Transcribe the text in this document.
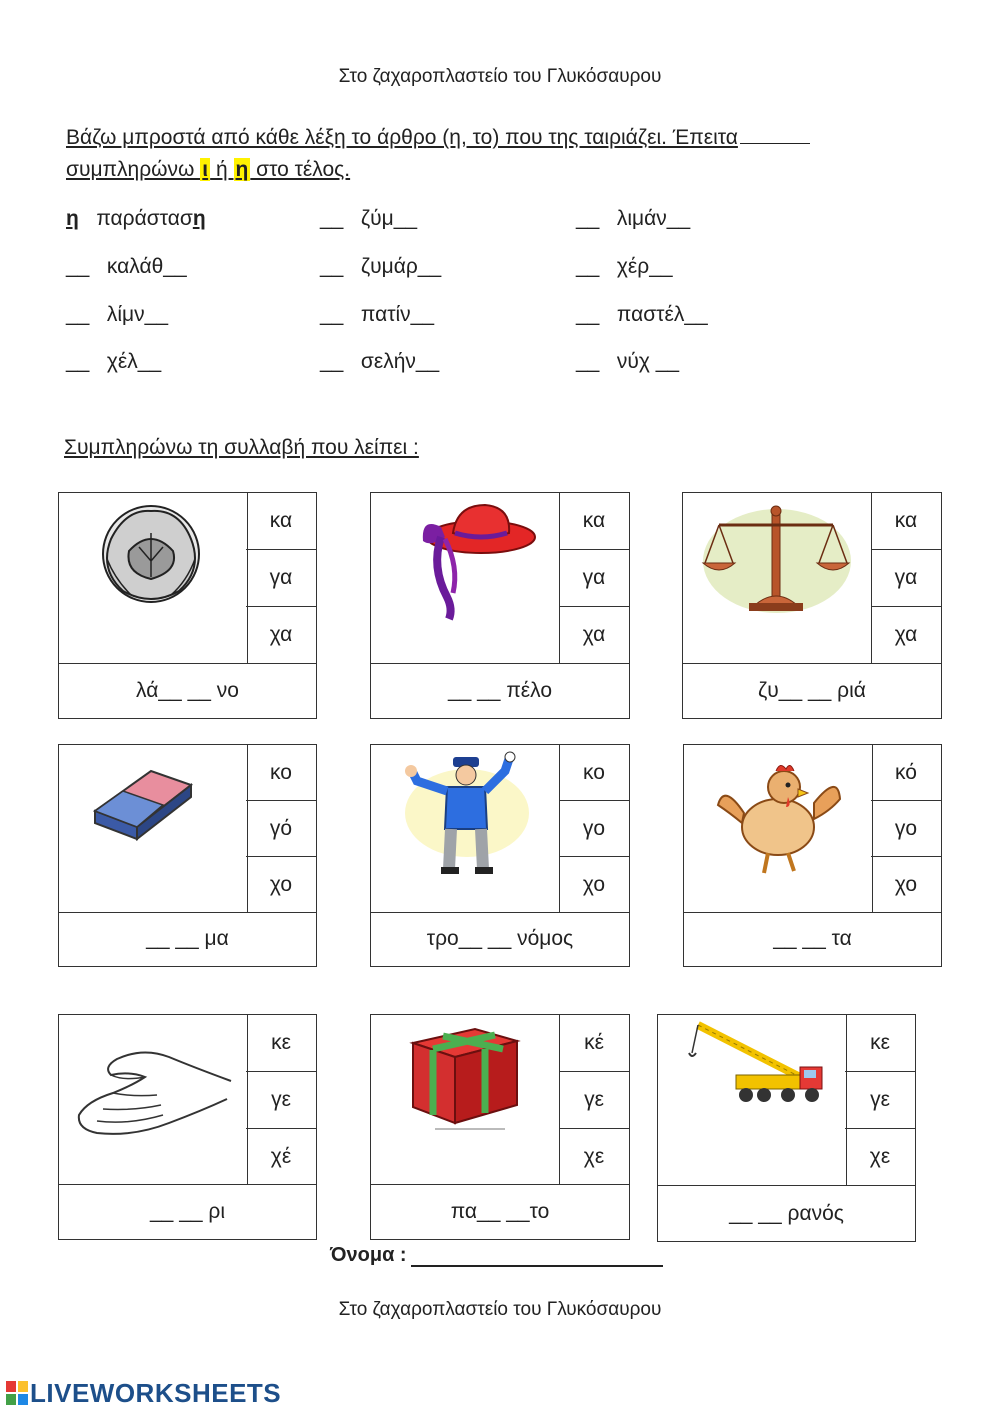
Στο ζαχαροπλαστείο του Γλυκόσαυρου
Βάζω μπροστά από κάθε λέξη το άρθρο (η, το) που της ταιριάζει. Έπειτα
συμπληρώνω ι ή η στο τέλος.
η παράσταση	__ ζύμ__	__ λιμάν__
__ καλάθ__	__ ζυμάρ__	__ χέρ__
__ λίμν__	__ πατίν__	__ παστέλ__
__ χέλ__	__ σελήν__	__   νύχ __
Συμπληρώνω τη συλλαβή που λείπει :
κα
γα
χα
λά__ __ νο
κα
γα
χα
__ __ πέλο
κα
γα
χα
ζυ__ __ ριά
κο
γό
χο
__ __ μα
κο
γο
χο
τρο__ __ νόμος
κό
γο
χο
__ __ τα
κε
γε
χέ
__ __ ρι
κέ
γε
χε
πα__ __το
κε
γε
χε
__ __ ρανός
Όνομα :
Στο ζαχαροπλαστείο του Γλυκόσαυρου
LIVEWORKSHEETS
